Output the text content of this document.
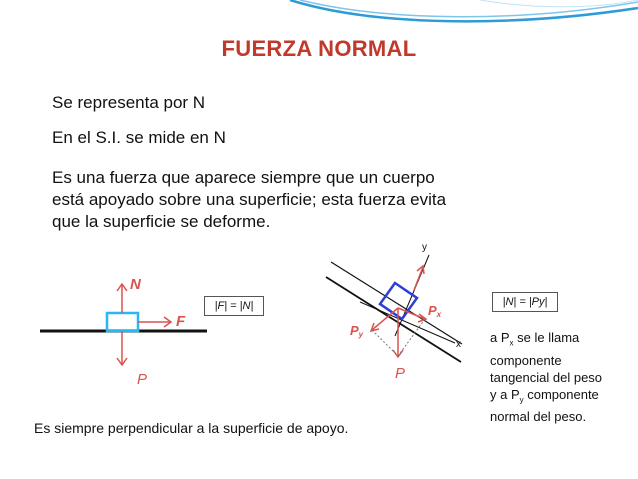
FUERZA NORMAL
Se representa por N
En el S.I. se mide en N
Es una fuerza que aparece siempre que un cuerpo
está apoyado sobre una superficie; esta fuerza evita
que la superficie se deforme.
N
F
P
y
x
Px
Py
P
|F| = |N|	|N| = |Py|
a $P_x$ se le llama
componente
tangencial del peso
y a $P_y$ componente
normal del peso.
Es siempre perpendicular a la superficie de apoyo.
